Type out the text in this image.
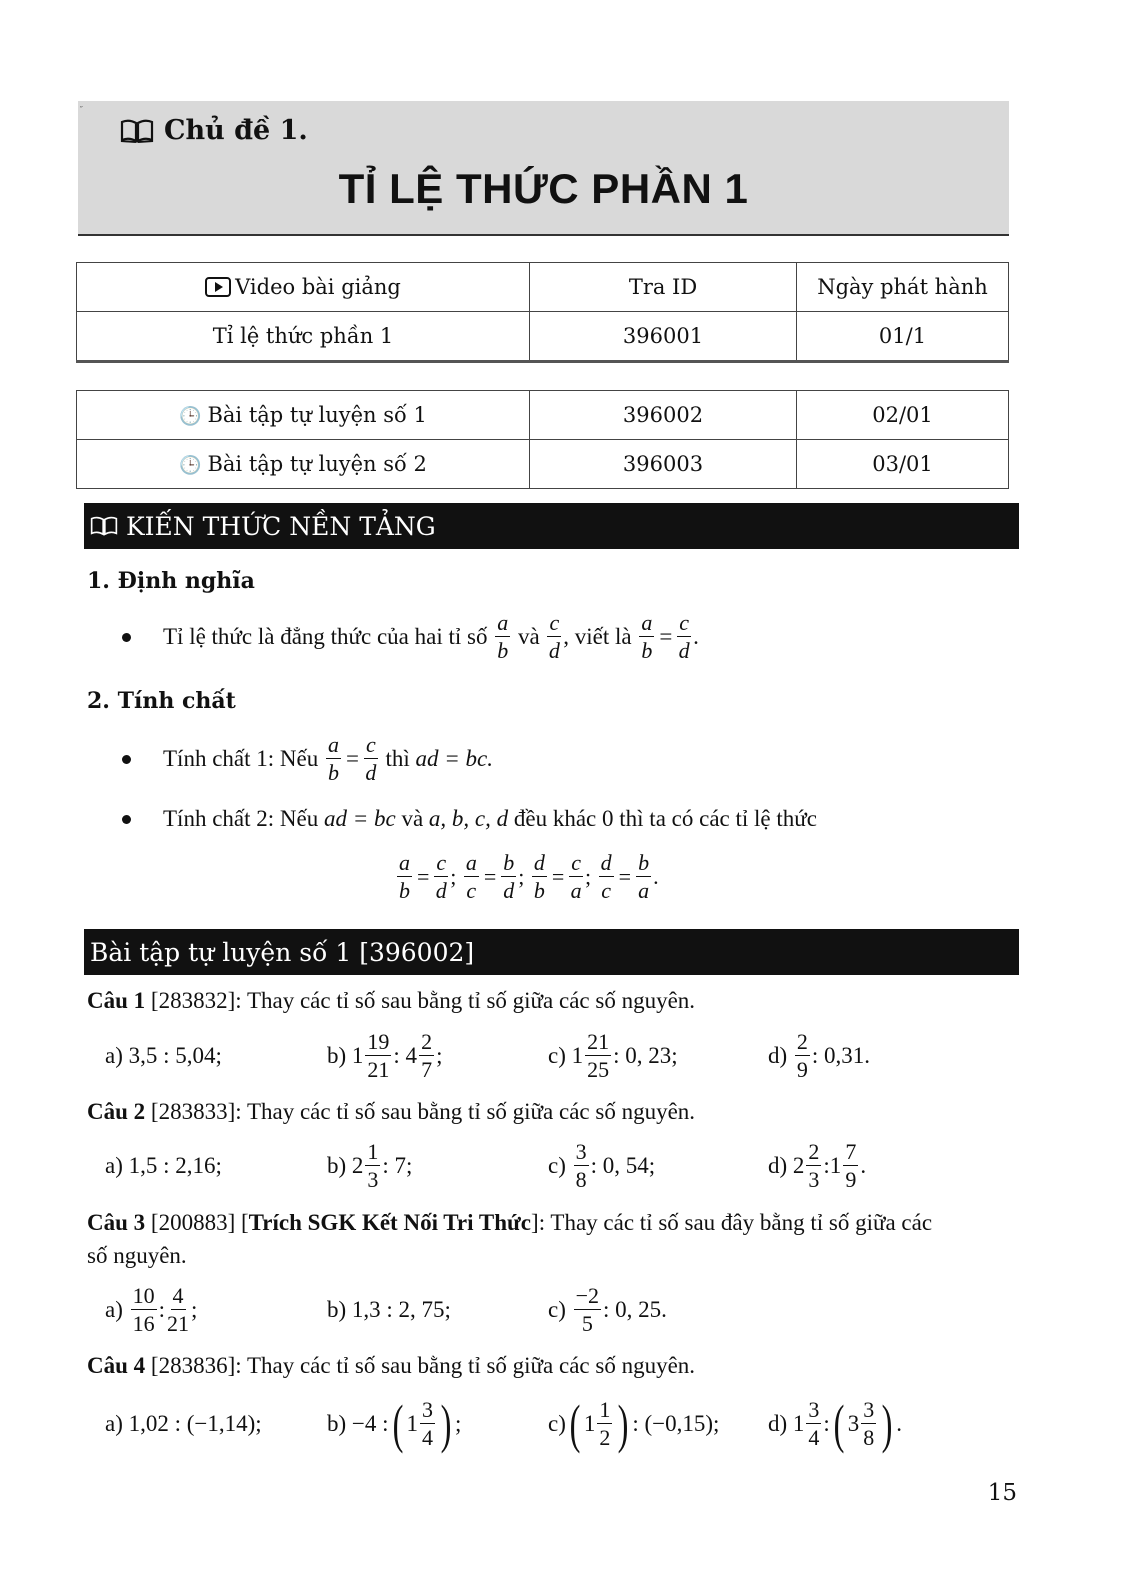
˝
Chủ đề 1.
TỈ LỆ THỨC PHẦN 1
Video bài giảng	Tra ID	Ngày phát hành
Tỉ lệ thức phần 1	396001	01/1
🕒 Bài tập tự luyện số 1	396002	02/01
🕒 Bài tập tự luyện số 2	396003	03/01
KIẾN THỨC NỀN TẢNG
1. Định nghĩa
Tỉ lệ thức là đẳng thức của hai tỉ số
$\frac{a}{b}$
và
$\frac{c}{d}$ , viết là
$\frac{a}{b} = \frac{c}{d}$ .
2. Tính chất
Tính chất 1: Nếu
$\frac{a}{b} = \frac{c}{d}$
thì
ad = bc.
Tính chất 2: Nếu
ad = bc
và
a, b, c, d
đều khác
0
thì ta có các tỉ lệ thức
$\frac{a}{b} = \frac{c}{d}$ ; $\frac{a}{c} = \frac{b}{d}$ ; $\frac{d}{b} = \frac{c}{a}$ ; $\frac{d}{c} = \frac{b}{a}$ .
Bài tập tự luyện số 1 [396002]
Câu 1 [283832]: Thay các tỉ số sau bằng tỉ số giữa các số nguyên.
a) 3,5 : 5,04;	b) $1 \frac{19}{21}$ : $4 \frac{2}{7}$ ;	c) $1 \frac{21}{25}$ : 0, 23;	d)
$\frac{2}{9}$ : 0,31.
Câu 2 [283833]: Thay các tỉ số sau bằng tỉ số giữa các số nguyên.
a) 1,5 : 2,16;	b) $2 \frac{1}{3}$ : 7;	c)
$\frac{3}{8}$ : 0, 54;	d) $2 \frac{2}{3}$ :1 $\frac{7}{9}$ .
Câu 3 [200883] [Trích SGK Kết Nối Tri Thức]: Thay các tỉ số sau đây bằng tỉ số giữa các
số nguyên.
a)
$\frac{10}{16}$ : $\frac{4}{21}$ ;	b) 1,3 : 2, 75;	c)
$\frac{-2}{5}$ : 0, 25.
Câu 4 [283836]: Thay các tỉ số sau bằng tỉ số giữa các số nguyên.
a) 1,02 : (−1,14);	b) −4 : ( $1 \frac{3}{4}$ ) ;	c) ( $1 \frac{1}{2}$ ) : (−0,15); d) $1 \frac{3}{4}$ : ( $3 \frac{3}{8}$ ) .
15
